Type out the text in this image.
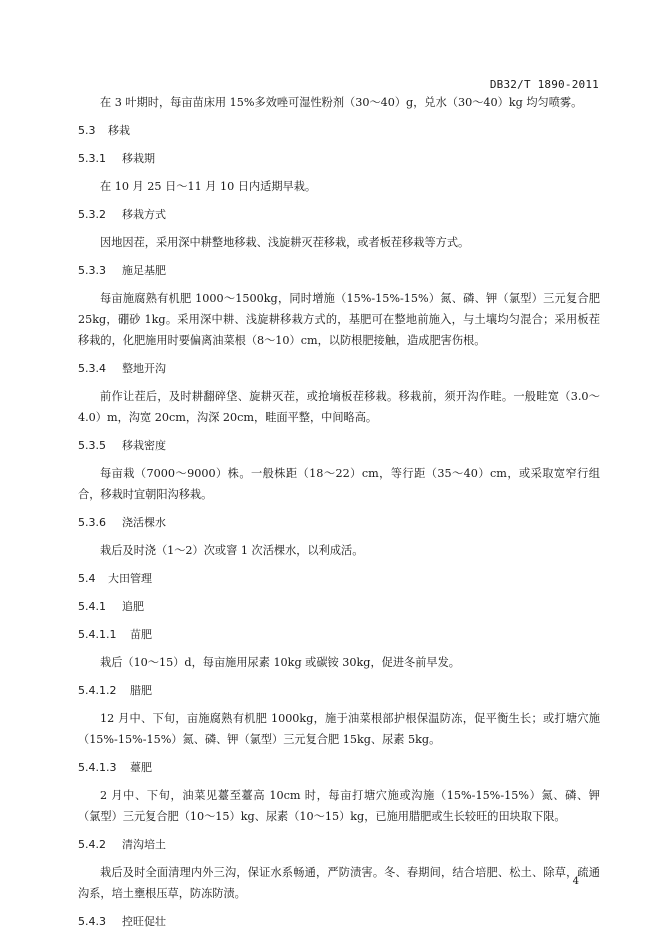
DB32/T 1890-2011

在 3 叶期时，每亩苗床用 15%多效唑可湿性粉剂（30～40）g，兑水（30～40）kg 均匀喷雾。

5.3 移栽
5.3.1 移栽期

在 10 月 25 日～11 月 10 日内适期早栽。

5.3.2 移栽方式

因地因茬，采用深中耕整地移栽、浅旋耕灭茬移栽，或者板茬移栽等方式。

5.3.3 施足基肥

每亩施腐熟有机肥 1000～1500kg，同时增施（15%-15%-15%）氮、磷、钾（氯型）三元复合肥 25kg，硼砂 1kg。采用深中耕、浅旋耕移栽方式的，基肥可在整地前施入，与土壤均匀混合；采用板茬移栽的，化肥施用时要偏离油菜根（8～10）cm，以防根肥接触，造成肥害伤根。

5.3.4 整地开沟

前作让茬后，及时耕翻碎垡、旋耕灭茬，或抢墒板茬移栽。移栽前，须开沟作畦。一般畦宽（3.0～4.0）m，沟宽 20cm，沟深 20cm，畦面平整，中间略高。

5.3.5 移栽密度

每亩栽（7000～9000）株。一般株距（18～22）cm，等行距（35～40）cm，或采取宽窄行组合，移栽时宜朝阳沟移栽。

5.3.6 浇活棵水

栽后及时浇（1～2）次或窨 1 次活棵水，以利成活。

5.4 大田管理
5.4.1 追肥
5.4.1.1 苗肥

栽后（10～15）d，每亩施用尿素 10kg 或碳铵 30kg，促进冬前早发。

5.4.1.2 腊肥

12 月中、下旬，亩施腐熟有机肥 1000kg，施于油菜根部护根保温防冻，促平衡生长；或打塘穴施（15%-15%-15%）氮、磷、钾（氯型）三元复合肥 15kg、尿素 5kg。

5.4.1.3 薹肥

2 月中、下旬，油菜见薹至薹高 10cm 时，每亩打塘穴施或沟施（15%-15%-15%）氮、磷、钾（氯型）三元复合肥（10～15）kg、尿素（10～15）kg，已施用腊肥或生长较旺的田块取下限。

5.4.2 清沟培土

栽后及时全面清理内外三沟，保证水系畅通，严防渍害。冬、春期间，结合培肥、松土、除草，疏通沟系，培土壅根压草，防冻防渍。

5.4.3 控旺促壮
4
